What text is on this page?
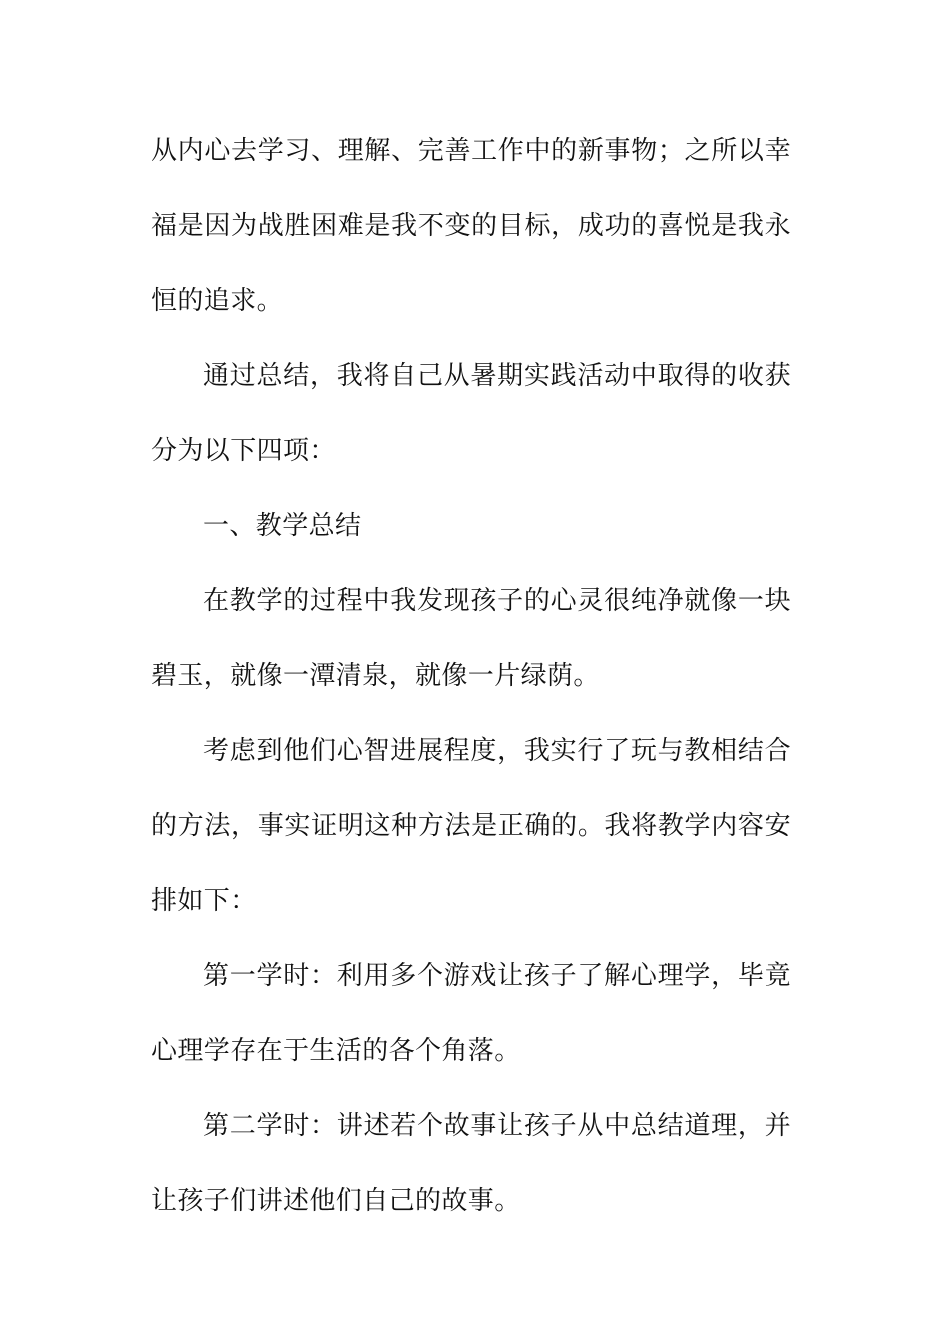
从内心去学习、理解、完善工作中的新事物；之所以幸福是因为战胜困难是我不变的目标，成功的喜悦是我永恒的追求。

通过总结，我将自己从暑期实践活动中取得的收获分为以下四项：

一、教学总结

在教学的过程中我发现孩子的心灵很纯净就像一块碧玉，就像一潭清泉，就像一片绿荫。

考虑到他们心智进展程度，我实行了玩与教相结合的方法，事实证明这种方法是正确的。我将教学内容安排如下：

第一学时：利用多个游戏让孩子了解心理学，毕竟心理学存在于生活的各个角落。

第二学时：讲述若个故事让孩子从中总结道理，并让孩子们讲述他们自己的故事。
